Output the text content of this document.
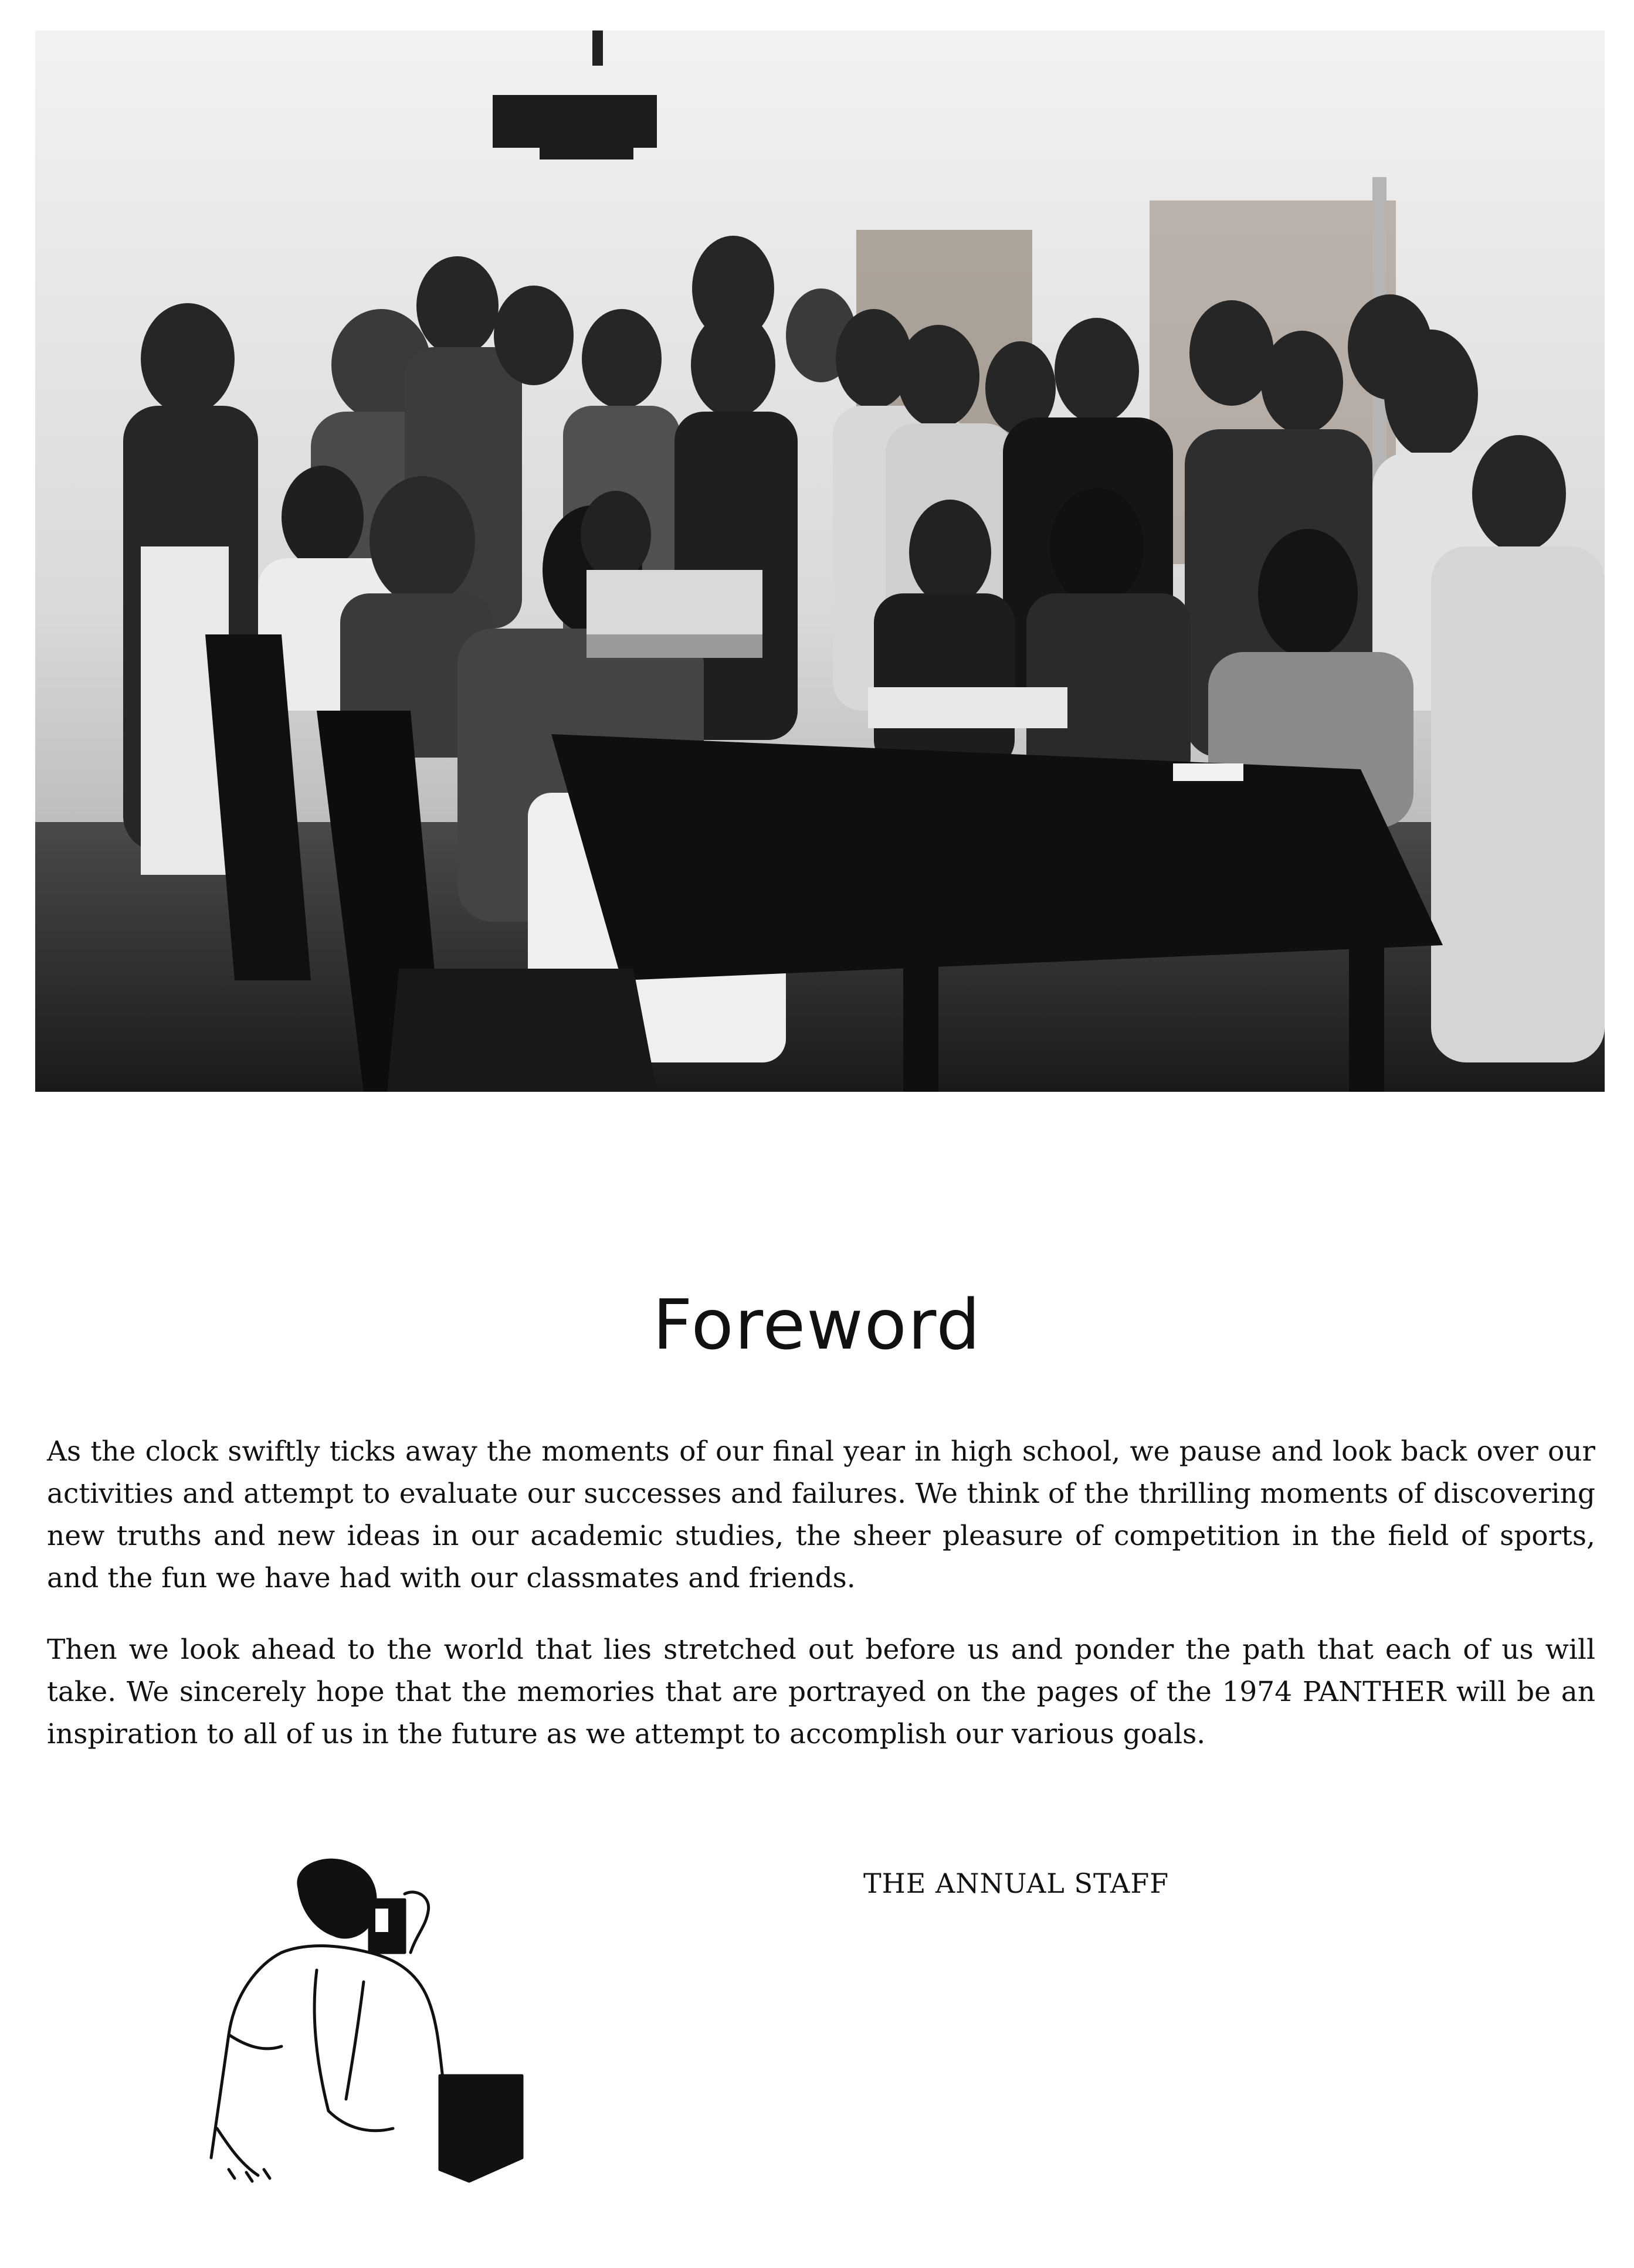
Foreword

As the clock swiftly ticks away the moments of our final year in high school, we pause and look back over our activities and attempt to evaluate our successes and failures. We think of the thrilling moments of discovering new truths and new ideas in our academic studies, the sheer pleasure of competition in the field of sports, and the fun we have had with our classmates and friends.

Then we look ahead to the world that lies stretched out before us and ponder the path that each of us will take. We sincerely hope that the memories that are portrayed on the pages of the 1974 PANTHER will be an inspiration to all of us in the future as we attempt to accomplish our various goals.

THE ANNUAL STAFF
